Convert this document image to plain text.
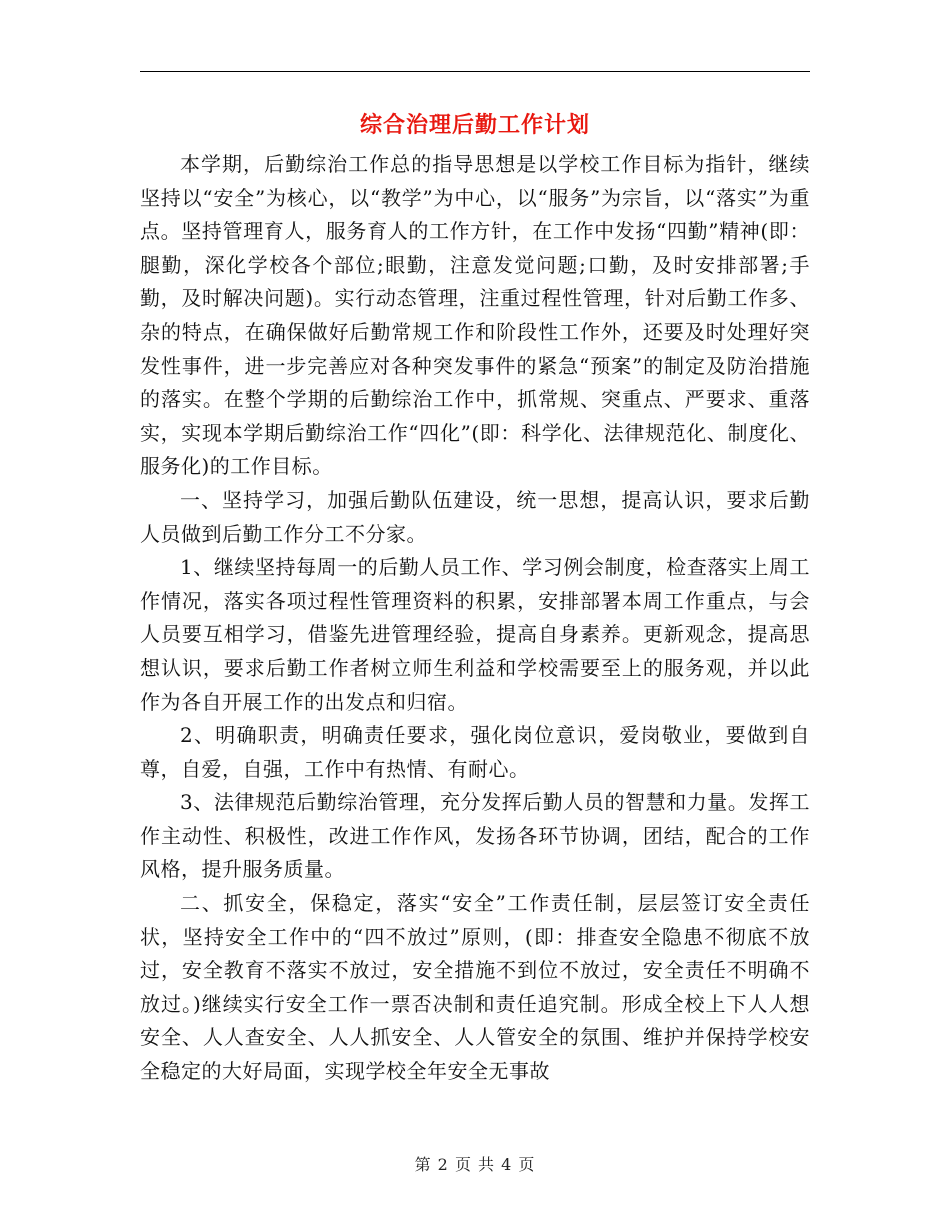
综合治理后勤工作计划

本学期，后勤综治工作总的指导思想是以学校工作目标为指针，继续坚持以“安全”为核心，以“教学”为中心，以“服务”为宗旨，以“落实”为重点。坚持管理育人，服务育人的工作方针，在工作中发扬“四勤”精神(即：腿勤，深化学校各个部位;眼勤，注意发觉问题;口勤，及时安排部署;手勤，及时解决问题)。实行动态管理，注重过程性管理，针对后勤工作多、杂的特点，在确保做好后勤常规工作和阶段性工作外，还要及时处理好突发性事件，进一步完善应对各种突发事件的紧急“预案”的制定及防治措施的落实。在整个学期的后勤综治工作中，抓常规、突重点、严要求、重落实，实现本学期后勤综治工作“四化”(即：科学化、法律规范化、制度化、服务化)的工作目标。

一、坚持学习，加强后勤队伍建设，统一思想，提高认识，要求后勤人员做到后勤工作分工不分家。

1、继续坚持每周一的后勤人员工作、学习例会制度，检查落实上周工作情况，落实各项过程性管理资料的积累，安排部署本周工作重点，与会人员要互相学习，借鉴先进管理经验，提高自身素养。更新观念，提高思想认识，要求后勤工作者树立师生利益和学校需要至上的服务观，并以此作为各自开展工作的出发点和归宿。

2、明确职责，明确责任要求，强化岗位意识，爱岗敬业，要做到自尊，自爱，自强，工作中有热情、有耐心。

3、法律规范后勤综治管理，充分发挥后勤人员的智慧和力量。发挥工作主动性、积极性，改进工作作风，发扬各环节协调，团结，配合的工作风格，提升服务质量。

二、抓安全，保稳定，落实“安全”工作责任制，层层签订安全责任状，坚持安全工作中的“四不放过”原则，(即：排查安全隐患不彻底不放过，安全教育不落实不放过，安全措施不到位不放过，安全责任不明确不放过。)继续实行安全工作一票否决制和责任追究制。形成全校上下人人想安全、人人查安全、人人抓安全、人人管安全的氛围、维护并保持学校安全稳定的大好局面，实现学校全年安全无事故

第 2 页 共 4 页
